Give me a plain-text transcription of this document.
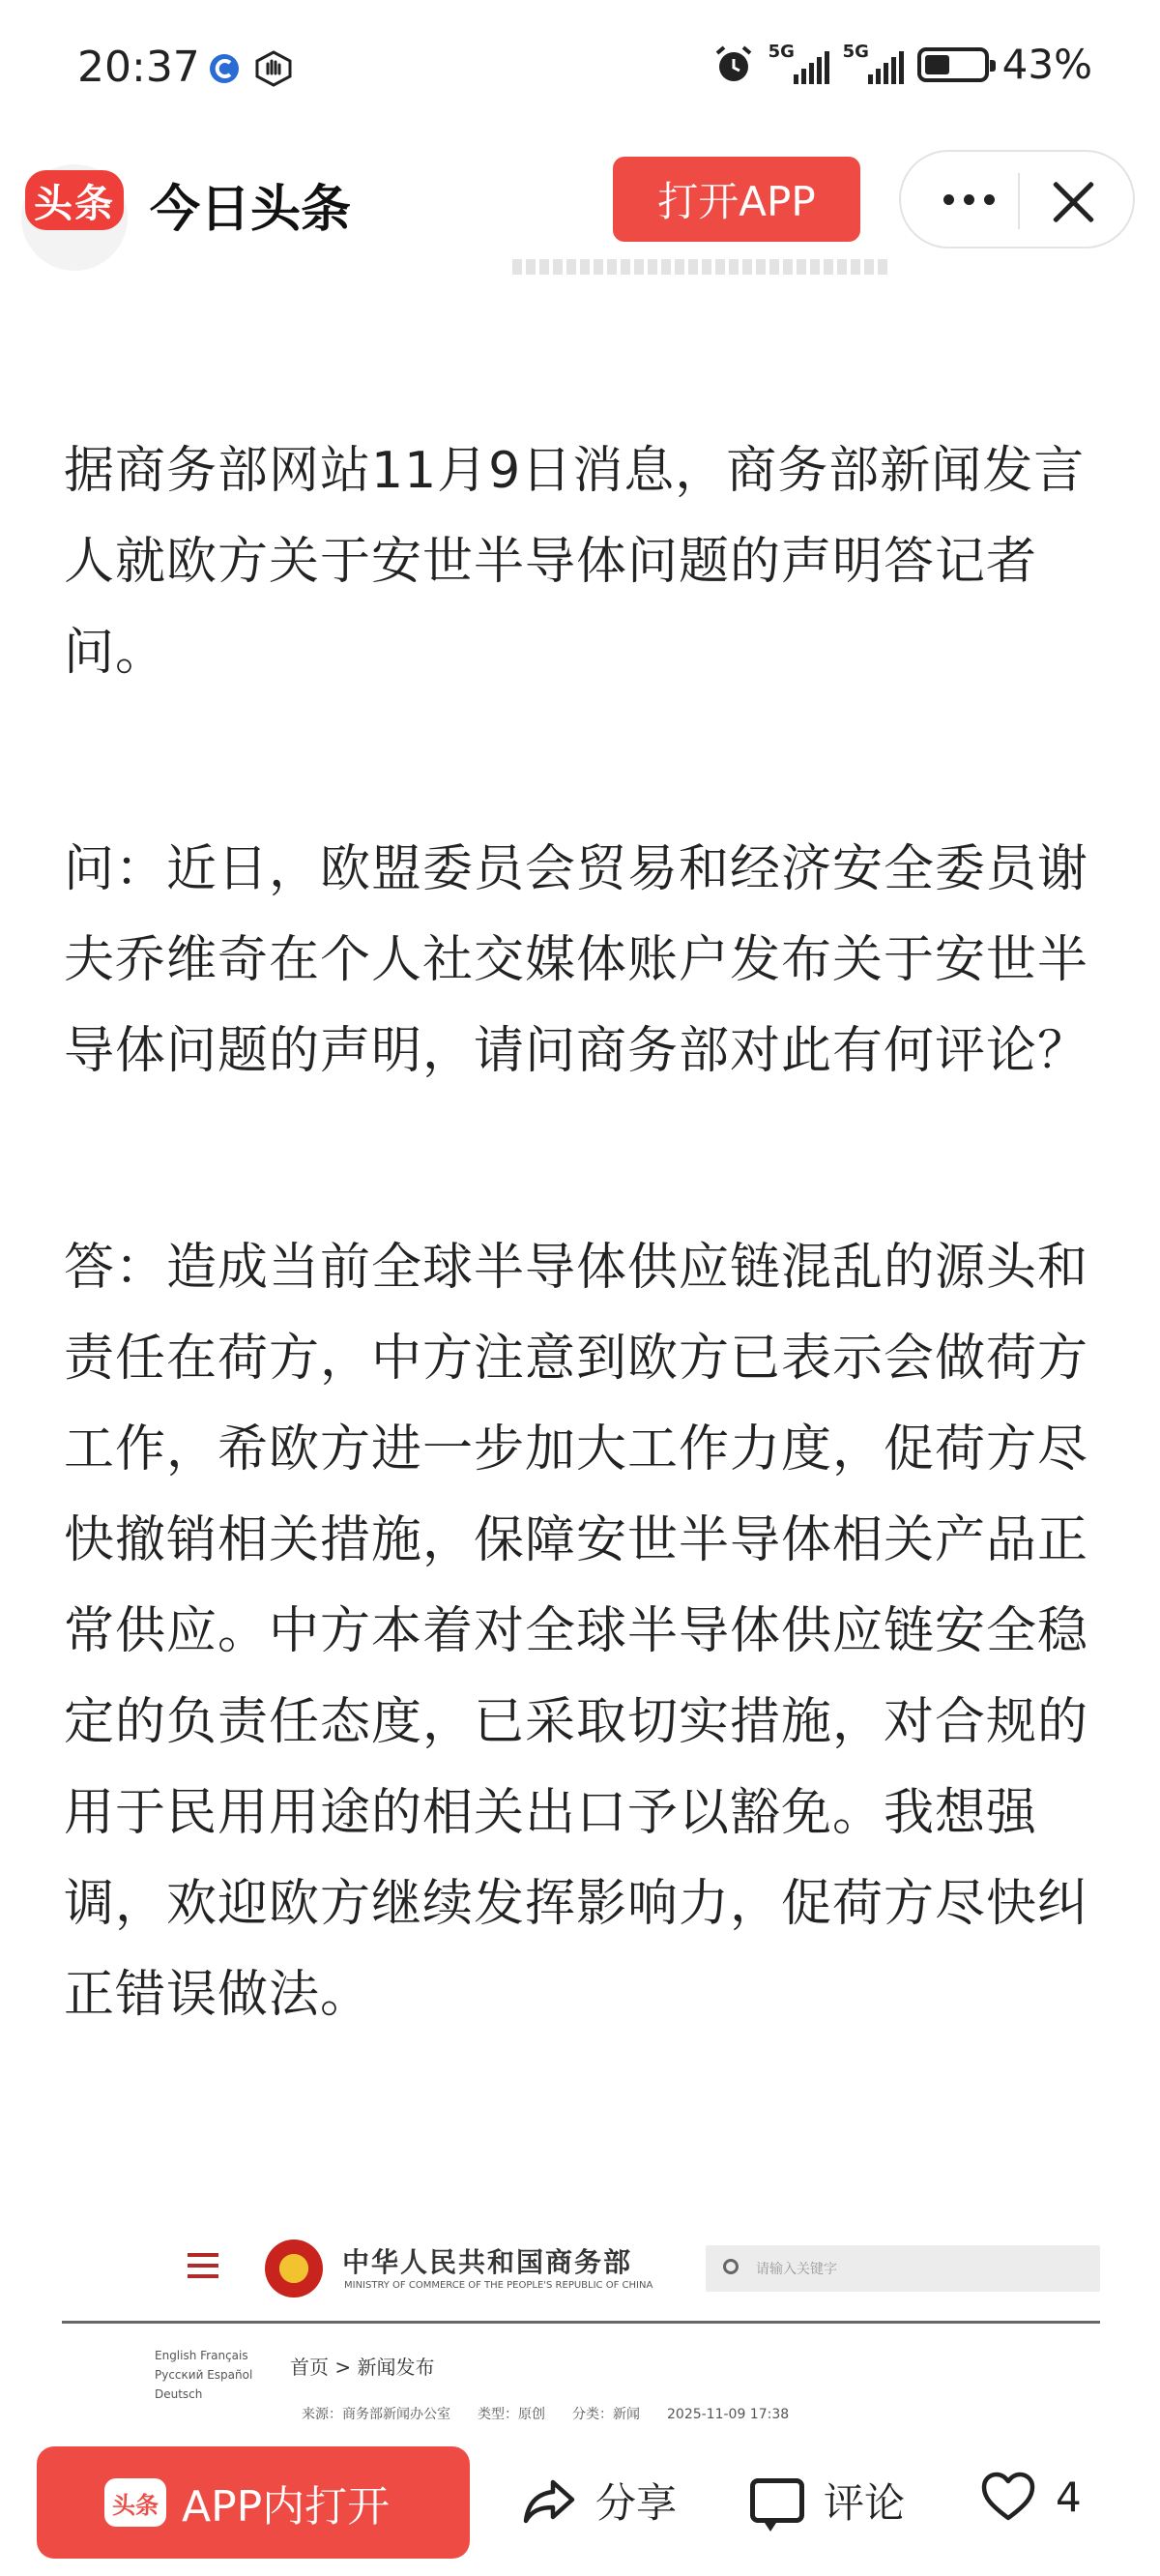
20:37	5G	5G	43%
头条 今日头条	打开APP

据商务部网站11月9日消息，商务部新闻发言人就欧方关于安世半导体问题的声明答记者问。

问：近日，欧盟委员会贸易和经济安全委员谢夫乔维奇在个人社交媒体账户发布关于安世半导体问题的声明，请问商务部对此有何评论？

答：造成当前全球半导体供应链混乱的源头和责任在荷方，中方注意到欧方已表示会做荷方工作，希欧方进一步加大工作力度，促荷方尽快撤销相关措施，保障安世半导体相关产品正常供应。中方本着对全球半导体供应链安全稳定的负责任态度，已采取切实措施，对合规的用于民用用途的相关出口予以豁免。我想强调，欢迎欧方继续发挥影响力，促荷方尽快纠正错误做法。

中华人民共和国商务部
MINISTRY OF COMMERCE OF THE PEOPLE'S REPUBLIC OF CHINA
请输入关键字
English Français
Русский Español
Deutsch
首页 > 新闻发布
来源：商务部新闻办公室　　类型：原创　　分类：新闻　　2025-11-09 17:38
头条 APP内打开	分享	评论	4
